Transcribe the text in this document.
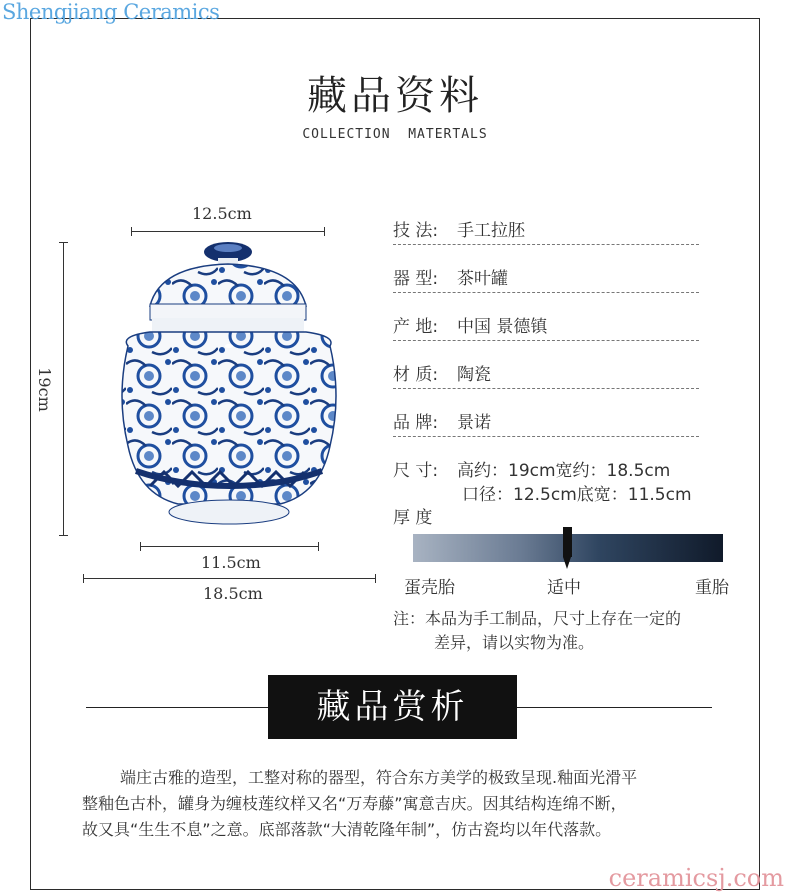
Shengjiang Ceramics
藏品资料
COLLECTION  MATERTALS
12.5cm
19cm
11.5cm
18.5cm
技 法: 手工拉胚
器 型: 茶叶罐
产 地: 中国 景德镇
材 质: 陶瓷
品 牌: 景诺
尺 寸: 高约：19cm宽约：18.5cm
口径：12.5cm底宽：11.5cm
厚 度
蛋壳胎	适中	重胎
注：本品为手工制品，尺寸上存在一定的
差异，请以实物为准。
藏品赏析

端庄古雅的造型，工整对称的器型，符合东方美学的极致呈现.釉面光滑平

整釉色古朴，罐身为缠枝莲纹样又名“万寿藤”寓意吉庆。因其结构连绵不断，

故又具“生生不息”之意。底部落款“大清乾隆年制”，仿古瓷均以年代落款。

ceramicsj.com
